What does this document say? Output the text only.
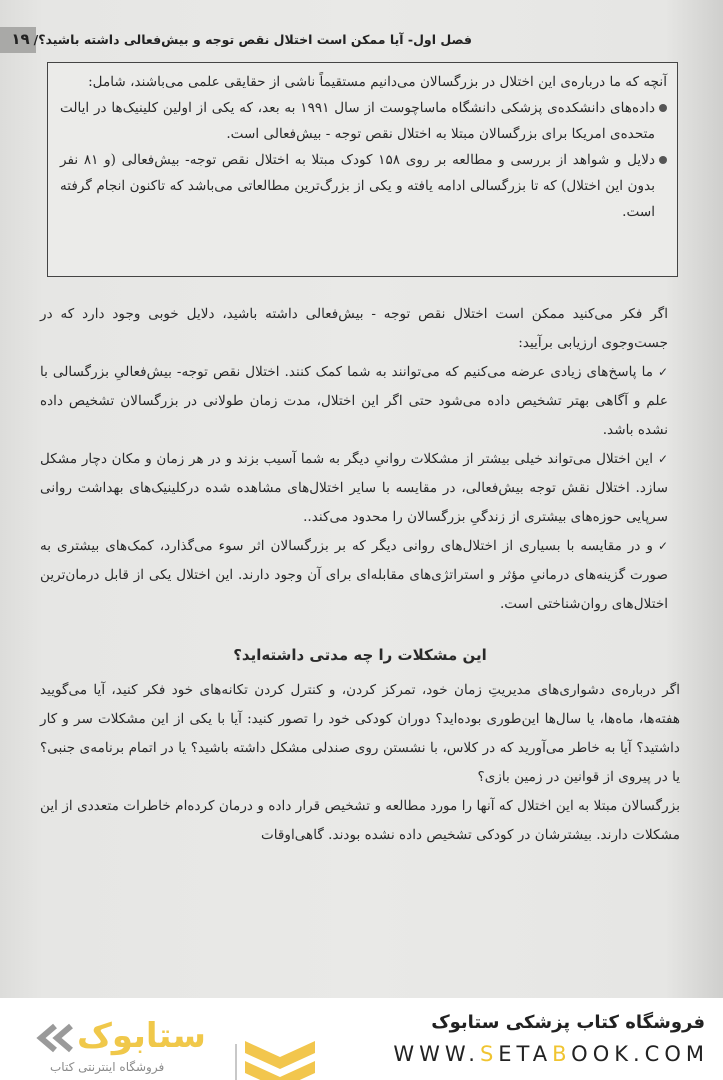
فصل اول- آیا ممکن است اختلال نقص توجه و بیش‌فعالی داشته باشید؟/
۱۹

آنچه که ما درباره‌ی این اختلال در بزرگسالان می‌دانیم مستقیماً ناشی از حقایقی علمی می‌باشند، شامل:

داده‌های دانشکده‌ی پزشکی دانشگاه ماساچوست از سال ۱۹۹۱ به بعد، که یکی از اولین کلینیک‌ها در ایالت متحده‌ی امریکا برای بزرگسالان مبتلا به اختلال نقص توجه - بیش‌فعالی است.

دلایل و شواهد از بررسی و مطالعه بر روی ۱۵۸ کودک مبتلا به اختلال نقص توجه- بیش‌فعالی (و ۸۱ نفر بدون این اختلال) که تا بزرگسالی ادامه یافته و یکی از بزرگ‌ترین مطالعاتی می‌باشد که تاکنون انجام گرفته است.

اگر فکر می‌کنید ممکن است اختلال نقص توجه - بیش‌فعالی داشته باشید، دلایل خوبی وجود دارد که در جست‌وجوی ارزیابی برآیید:

✓ما پاسخ‌های زیادی عرضه می‌کنیم که می‌توانند به شما کمک کنند. اختلال نقص توجه- بیش‌فعالیِ بزرگسالی با علم و آگاهی بهتر تشخیص داده می‌شود حتی اگر این اختلال، مدت زمان طولانی در بزرگسالان تشخیص داده نشده باشد.

✓این اختلال می‌تواند خیلی بیشتر از مشکلات روانیِ دیگر به شما آسیب بزند و در هر زمان و مکان دچار مشکل سازد. اختلال نقش توجه بیش‌فعالی، در مقایسه با سایر اختلال‌های مشاهده شده درکلینیک‌های بهداشت روانی سرپایی حوزه‌های بیشتری از زندگیِ بزرگسالان را محدود می‌کند..

✓و در مقایسه با بسیاری از اختلال‌های روانی دیگر که بر بزرگسالان اثر سوء می‌گذارد، کمک‌های بیشتری به صورت گزینه‌های درمانیِ مؤثر و استراتژی‌های مقابله‌ای برای آن وجود دارند. این اختلال یکی از قابل درمان‌ترین اختلال‌های روان‌شناختی است.

این مشکلات را چه مدتی داشته‌اید؟

اگر درباره‌ی دشواری‌های مدیریتِ زمان خود، تمرکز کردن، و کنترل کردن تکانه‌های خود فکر کنید، آیا می‌گویید هفته‌ها، ماه‌ها، یا سال‌ها این‌طوری بوده‌اید؟ دوران کودکی خود را تصور کنید: آیا با یکی از این مشکلات سر و کار داشتید؟ آیا به خاطر می‌آورید که در کلاس، با نشستن روی صندلی مشکل داشته باشید؟ یا در اتمام برنامه‌ی جنبی؟ یا در پیروی از قوانین در زمین بازی؟

بزرگسالان مبتلا به این اختلال که آنها را مورد مطالعه و تشخیص قرار داده و درمان کرده‌ام خاطرات متعددی از این مشکلات دارند. بیشترشان در کودکی تشخیص داده نشده بودند. گاهی‌اوقات

ستابوک
فروشگاه اینترنتی کتاب
فروشگاه کتاب پزشکی ستابوک
WWW.SETABOOK.COM
